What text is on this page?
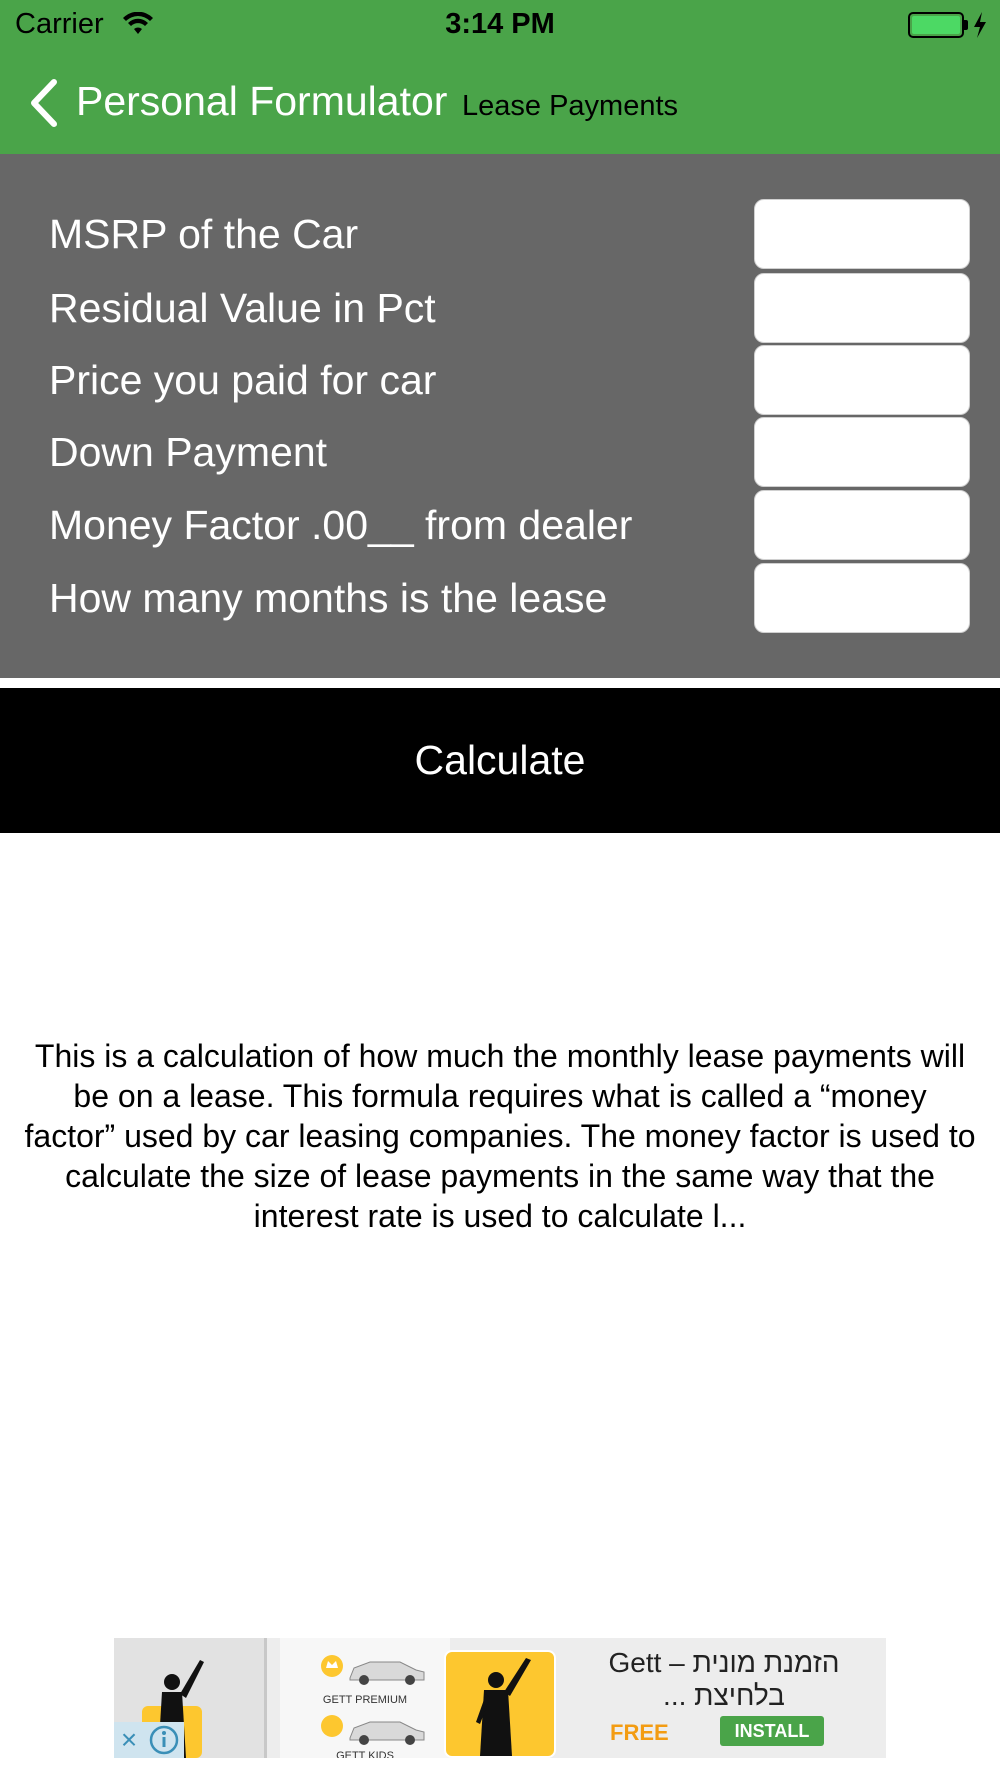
Carrier	3:14 PM
Personal Formulator Lease Payments
MSRP of the Car
Residual Value in Pct
Price you paid for car
Down Payment
Money Factor .00__ from dealer
How many months is the lease
Calculate
This is a calculation of how much the monthly lease payments will be on a lease. This formula requires what is called a “money factor” used by car leasing companies. The money factor is used to calculate the size of lease payments in the same way that the interest rate is used to calculate l...
×
GETT PREMIUM
GETT KIDS
הזמנת מונית – Gett בלחיצת ...
FREE	INSTALL
